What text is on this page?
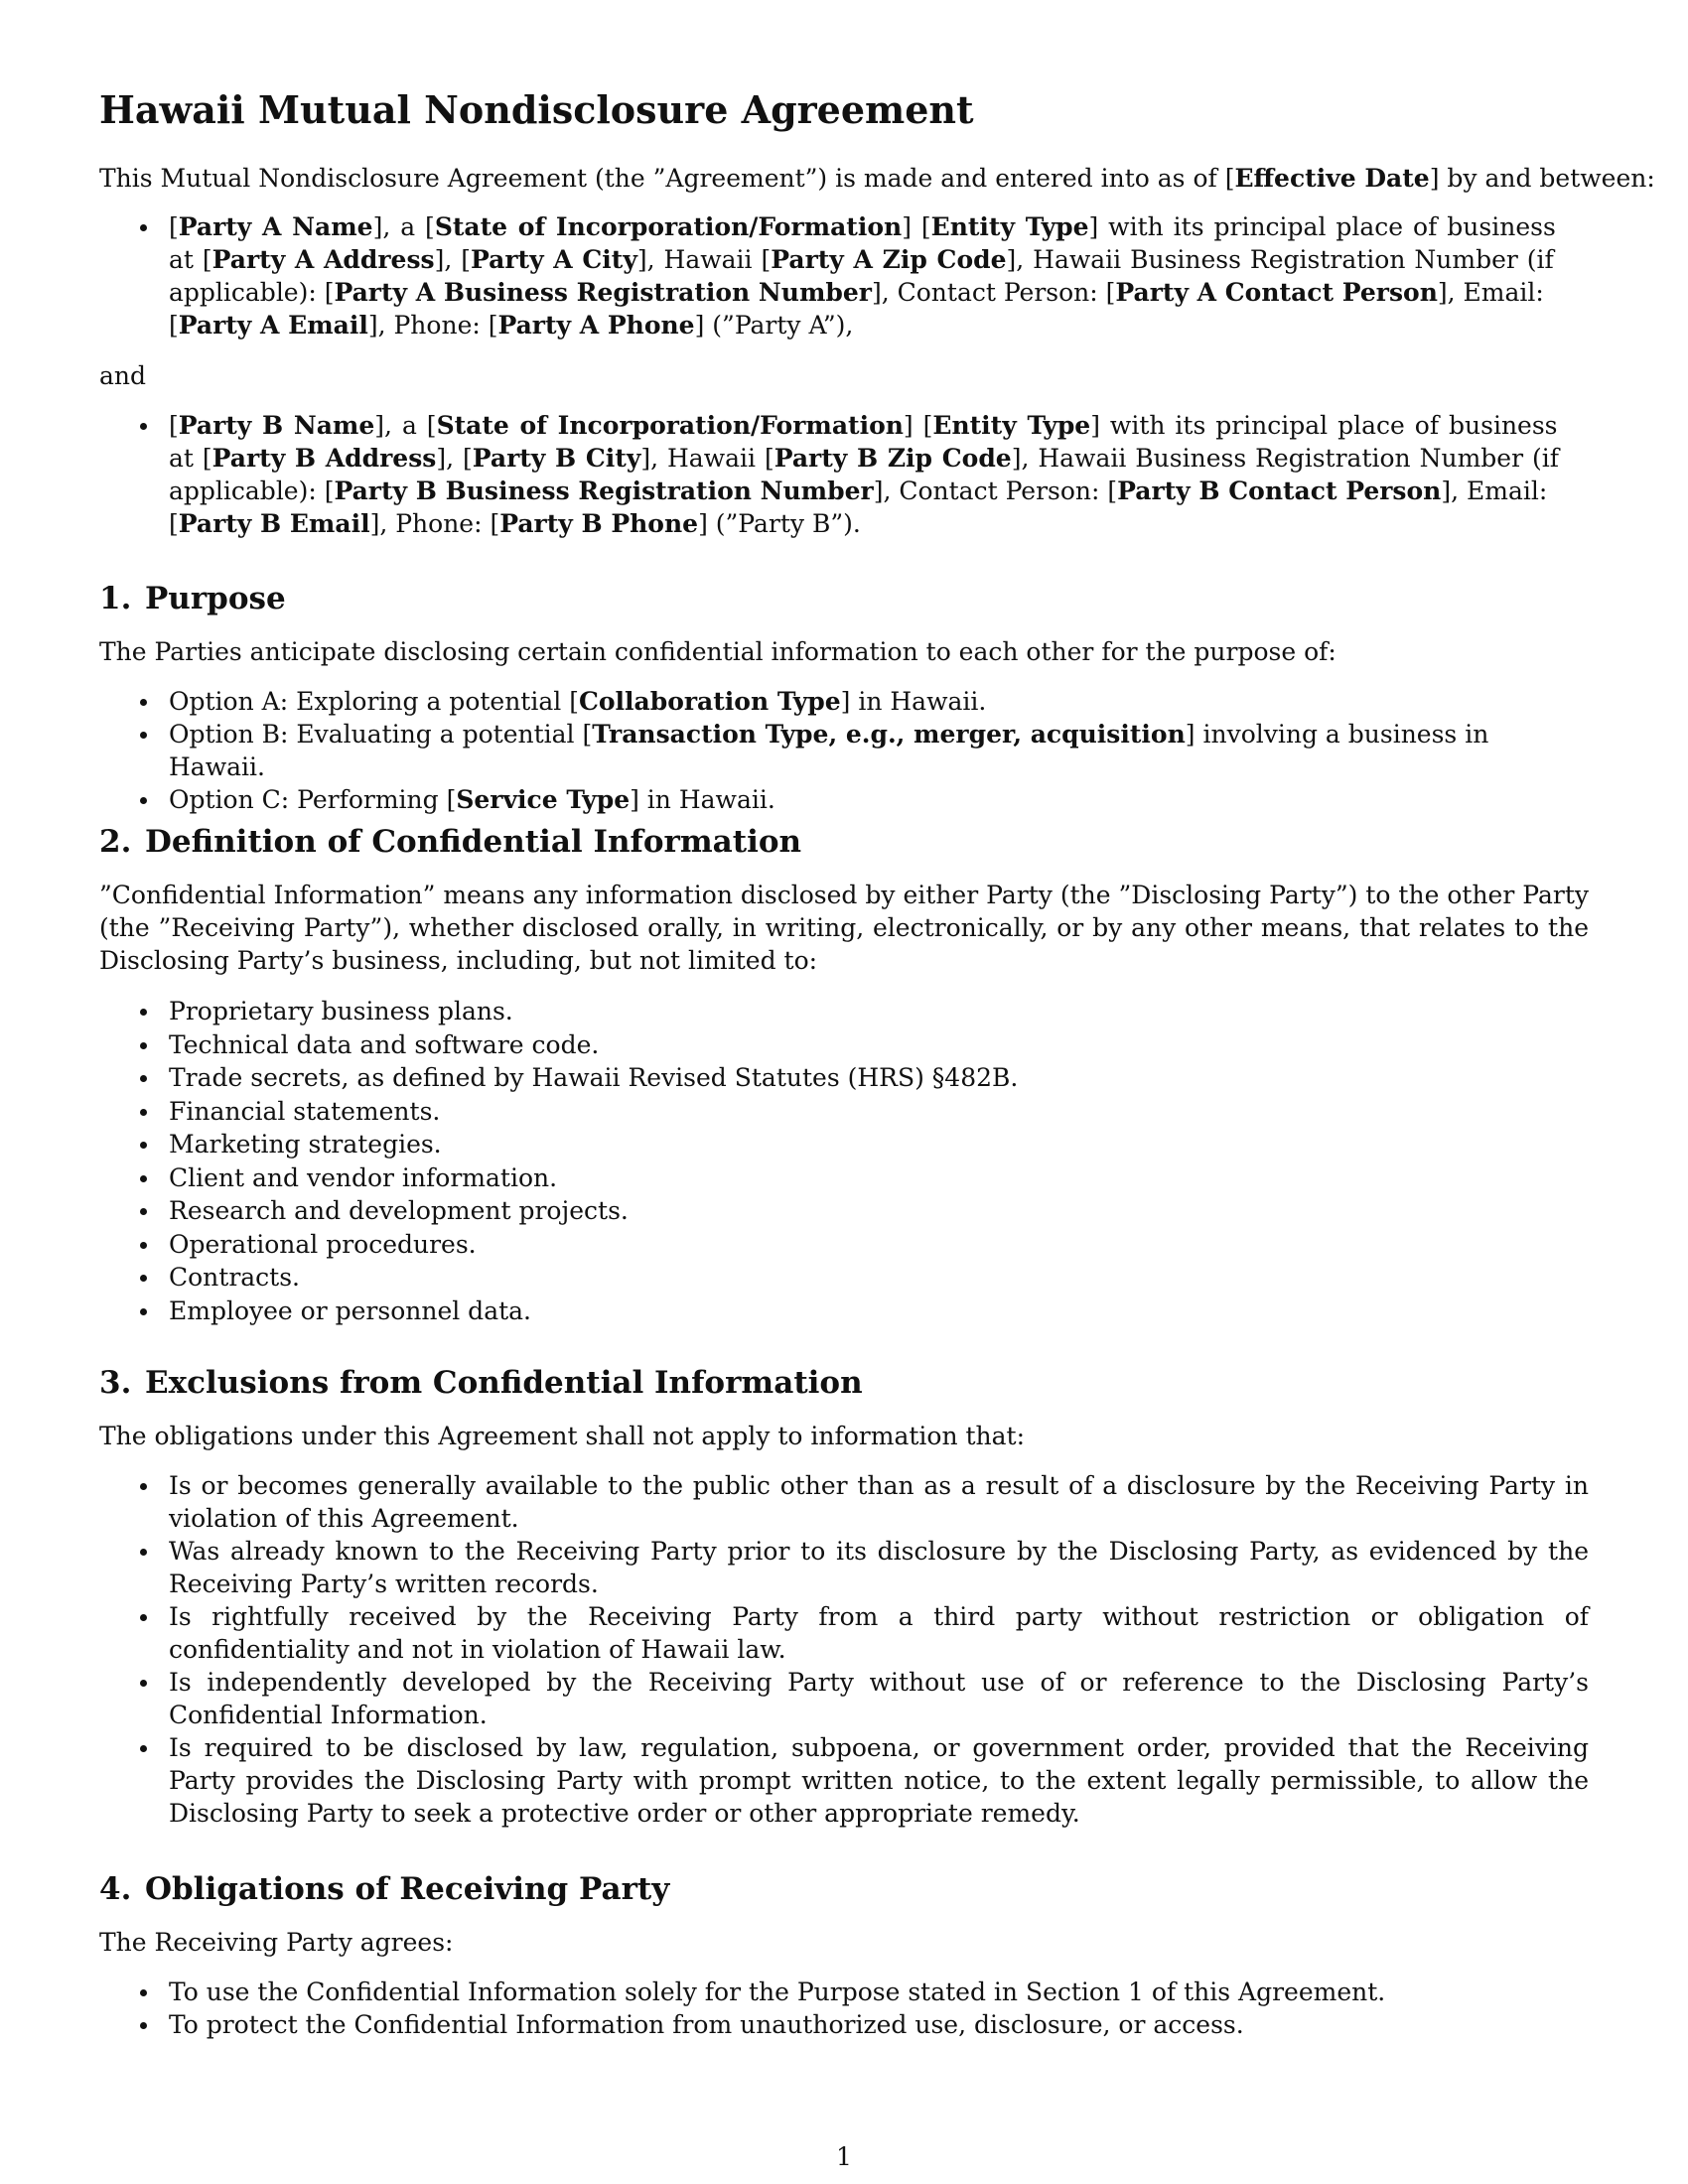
Hawaii Mutual Nondisclosure Agreement

This Mutual Nondisclosure Agreement (the ”Agreement”) is made and entered into as of [Effective Date] by and between:

[Party A Name], a [State of Incorporation/Formation] [Entity Type] with its principal place of business
at [Party A Address], [Party A City], Hawaii [Party A Zip Code], Hawaii Business Registration Number (if
applicable): [Party A Business Registration Number], Contact Person: [Party A Contact Person], Email:
[Party A Email], Phone: [Party A Phone] (”Party A”),

and

[Party B Name], a [State of Incorporation/Formation] [Entity Type] with its principal place of business
at [Party B Address], [Party B City], Hawaii [Party B Zip Code], Hawaii Business Registration Number (if
applicable): [Party B Business Registration Number], Contact Person: [Party B Contact Person], Email:
[Party B Email], Phone: [Party B Phone] (”Party B”).
1. Purpose

The Parties anticipate disclosing certain confidential information to each other for the purpose of:

Option A: Exploring a potential [Collaboration Type] in Hawaii.
Option B: Evaluating a potential [Transaction Type, e.g., merger, acquisition] involving a business in Hawaii.
Option C: Performing [Service Type] in Hawaii.
2. Definition of Confidential Information

”Confidential Information” means any information disclosed by either Party (the ”Disclosing Party”) to the other Party (the ”Receiving Party”), whether disclosed orally, in writing, electronically, or by any other means, that relates to the Disclosing Party’s business, including, but not limited to:

Proprietary business plans.
Technical data and software code.
Trade secrets, as defined by Hawaii Revised Statutes (HRS) §482B.
Financial statements.
Marketing strategies.
Client and vendor information.
Research and development projects.
Operational procedures.
Contracts.
Employee or personnel data.
3. Exclusions from Confidential Information

The obligations under this Agreement shall not apply to information that:

Is or becomes generally available to the public other than as a result of a disclosure by the Receiving Party in violation of this Agreement.
Was already known to the Receiving Party prior to its disclosure by the Disclosing Party, as evidenced by the Receiving Party’s written records.
Is rightfully received by the Receiving Party from a third party without restriction or obligation of confidentiality and not in violation of Hawaii law.
Is independently developed by the Receiving Party without use of or reference to the Disclosing Party’s Confidential Information.
Is required to be disclosed by law, regulation, subpoena, or government order, provided that the Receiving Party provides the Disclosing Party with prompt written notice, to the extent legally permissible, to allow the Disclosing Party to seek a protective order or other appropriate remedy.
4. Obligations of Receiving Party

The Receiving Party agrees:

To use the Confidential Information solely for the Purpose stated in Section 1 of this Agreement.
To protect the Confidential Information from unauthorized use, disclosure, or access.

1
